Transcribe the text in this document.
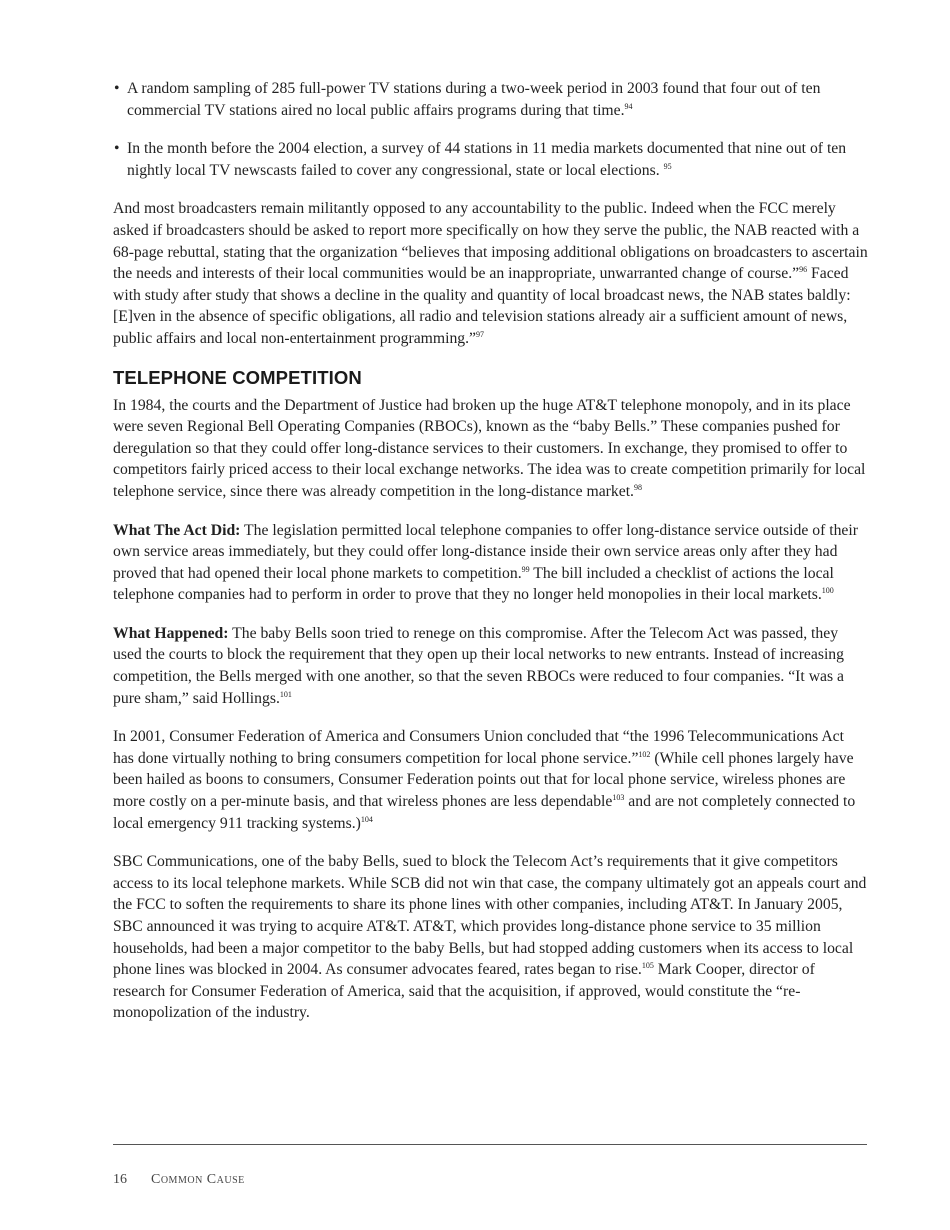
• A random sampling of 285 full-power TV stations during a two-week period in 2003 found that four out of ten commercial TV stations aired no local public affairs programs during that time.$^{94}$
• In the month before the 2004 election, a survey of 44 stations in 11 media markets documented that nine out of ten nightly local TV newscasts failed to cover any congressional, state or local elections. $^{95}$

And most broadcasters remain militantly opposed to any accountability to the public. Indeed when the FCC merely asked if broadcasters should be asked to report more specifically on how they serve the public, the NAB reacted with a 68-page rebuttal, stating that the organization “believes that imposing additional obligations on broadcasters to ascertain the needs and interests of their local communities would be an inappropriate, unwarranted change of course.”$^{96}$ Faced with study after study that shows a decline in the quality and quantity of local broadcast news, the NAB states baldly: [E]ven in the absence of specific obligations, all radio and television stations already air a sufficient amount of news, public affairs and local non-entertainment programming.”$^{97}$

TELEPHONE COMPETITION

In 1984, the courts and the Department of Justice had broken up the huge AT&T telephone monopoly, and in its place were seven Regional Bell Operating Companies (RBOCs), known as the “baby Bells.” These companies pushed for deregulation so that they could offer long-distance services to their customers. In exchange, they promised to offer to competitors fairly priced access to their local exchange networks. The idea was to create competition primarily for local telephone service, since there was already competition in the long-distance market.$^{98}$

What The Act Did: The legislation permitted local telephone companies to offer long-distance service outside of their own service areas immediately, but they could offer long-distance inside their own service areas only after they had proved that had opened their local phone markets to competition.$^{99}$ The bill included a checklist of actions the local telephone companies had to perform in order to prove that they no longer held monopolies in their local markets.$^{100}$

What Happened: The baby Bells soon tried to renege on this compromise. After the Telecom Act was passed, they used the courts to block the requirement that they open up their local networks to new entrants. Instead of increasing competition, the Bells merged with one another, so that the seven RBOCs were reduced to four companies. “It was a pure sham,” said Hollings.$^{101}$

In 2001, Consumer Federation of America and Consumers Union concluded that “the 1996 Telecommunications Act has done virtually nothing to bring consumers competition for local phone service.”$^{102}$ (While cell phones largely have been hailed as boons to consumers, Consumer Federation points out that for local phone service, wireless phones are more costly on a per-minute basis, and that wireless phones are less dependable$^{103}$ and are not completely connected to local emergency 911 tracking systems.)$^{104}$

SBC Communications, one of the baby Bells, sued to block the Telecom Act’s requirements that it give competitors access to its local telephone markets. While SCB did not win that case, the company ultimately got an appeals court and the FCC to soften the requirements to share its phone lines with other companies, including AT&T. In January 2005, SBC announced it was trying to acquire AT&T. AT&T, which provides long-distance phone service to 35 million households, had been a major competitor to the baby Bells, but had stopped adding customers when its access to local phone lines was blocked in 2004. As consumer advocates feared, rates began to rise.$^{105}$ Mark Cooper, director of research for Consumer Federation of America, said that the acquisition, if approved, would constitute the “re-monopolization of the industry.

16 Common Cause
